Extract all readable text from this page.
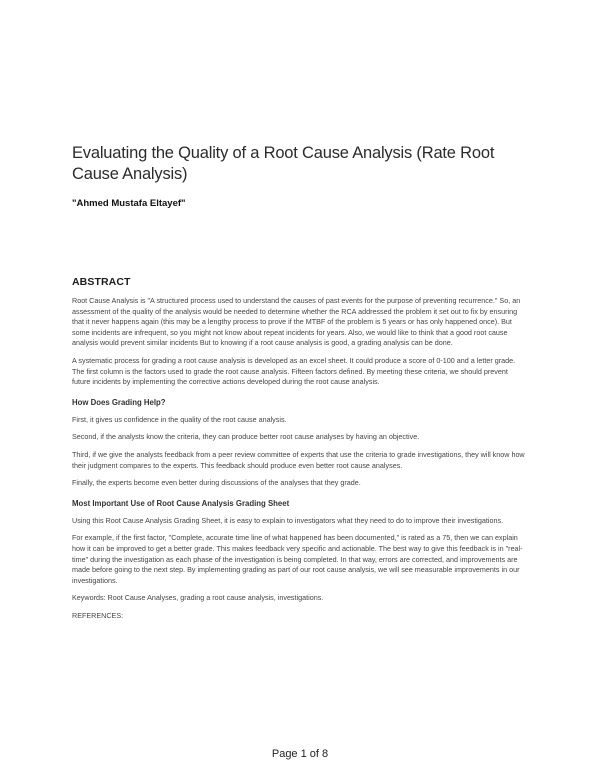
Evaluating the Quality of a Root Cause Analysis (Rate Root Cause Analysis)
"Ahmed Mustafa Eltayef"
ABSTRACT

Root Cause Analysis is "A structured process used to understand the causes of past events for the purpose of preventing recurrence." So, an assessment of the quality of the analysis would be needed to determine whether the RCA addressed the problem it set out to fix by ensuring that it never happens again (this may be a lengthy process to prove if the MTBF of the problem is 5 years or has only happened once). But some incidents are infrequent, so you might not know about repeat incidents for years. Also, we would like to think that a good root cause analysis would prevent similar incidents But to knowing if a root cause analysis is good, a grading analysis can be done.

A systematic process for grading a root cause analysis is developed as an excel sheet. It could produce a score of 0-100 and a letter grade. The first column is the factors used to grade the root cause analysis. Fifteen factors defined. By meeting these criteria, we should prevent future incidents by implementing the corrective actions developed during the root cause analysis.

How Does Grading Help?

First, it gives us confidence in the quality of the root cause analysis.

Second, if the analysts know the criteria, they can produce better root cause analyses by having an objective.

Third, if we give the analysts feedback from a peer review committee of experts that use the criteria to grade investigations, they will know how their judgment compares to the experts. This feedback should produce even better root cause analyses.

Finally, the experts become even better during discussions of the analyses that they grade.

Most Important Use of Root Cause Analysis Grading Sheet

Using this Root Cause Analysis Grading Sheet, it is easy to explain to investigators what they need to do to improve their investigations.

For example, if the first factor, "Complete, accurate time line of what happened has been documented," is rated as a 75, then we can explain how it can be improved to get a better grade. This makes feedback very specific and actionable. The best way to give this feedback is in "real-time" during the investigation as each phase of the investigation is being completed. In that way, errors are corrected, and improvements are made before going to the next step. By implementing grading as part of our root cause analysis, we will see measurable improvements in our investigations.

Keywords: Root Cause Analyses, grading a root cause analysis, investigations.

REFERENCES:

Page 1 of 8
